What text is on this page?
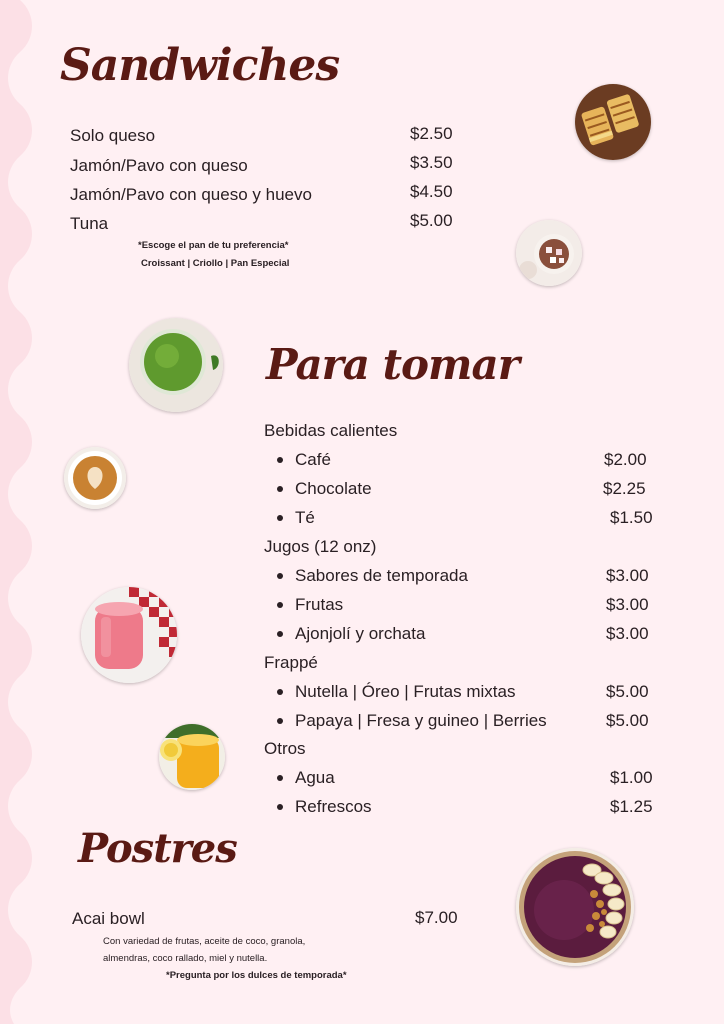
Sandwiches
Solo queso	$2.50
Jamón/Pavo con queso	$3.50
Jamón/Pavo con queso y huevo	$4.50
Tuna	$5.00
*Escoge el pan de tu preferencia*
Croissant | Criollo | Pan Especial
Para tomar
Bebidas calientes
Café	$2.00
Chocolate	$2.25
Té	$1.50
Jugos (12 onz)
Sabores de temporada	$3.00
Frutas	$3.00
Ajonjolí y orchata	$3.00
Frappé
Nutella | Óreo | Frutas mixtas	$5.00
Papaya | Fresa y guineo | Berries	$5.00
Otros
Agua	$1.00
Refrescos	$1.25
Postres
Acai bowl	$7.00
Con variedad de frutas, aceite de coco, granola,
almendras, coco rallado, miel y nutella.
*Pregunta por los dulces de temporada*
